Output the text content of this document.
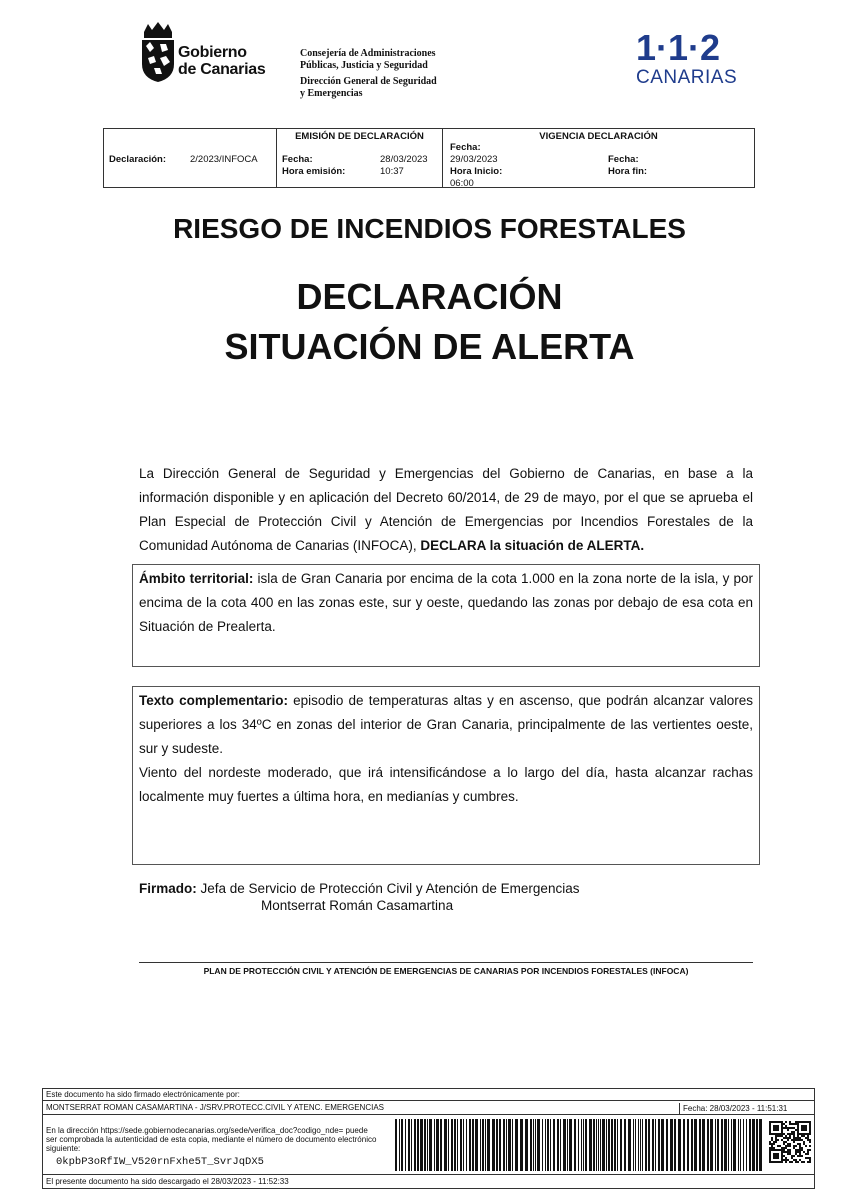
Gobierno
de Canarias
Consejería de Administraciones
Públicas, Justicia y Seguridad
Dirección General de Seguridad
y Emergencias
1·1·2
CANARIAS
Declaración:	2/2023/INFOCA
EMISIÓN DE DECLARACIÓN
Fecha:	28/03/2023
Hora emisión:	10:37
VIGENCIA DECLARACIÓN
Fecha:
29/03/2023
Hora Inicio:
06:00
Fecha:
Hora fin:
RIESGO DE INCENDIOS FORESTALES
DECLARACIÓN
SITUACIÓN DE ALERTA
La Dirección General de Seguridad y Emergencias del Gobierno de Canarias, en base a la información disponible y en aplicación del Decreto 60/2014, de 29 de mayo, por el que se aprueba el Plan Especial de Protección Civil y Atención de Emergencias por Incendios Forestales de la Comunidad Autónoma de Canarias (INFOCA), DECLARA la situación de ALERTA.
Ámbito territorial: isla de Gran Canaria por encima de la cota 1.000 en la zona norte de la isla, y por encima de la cota 400 en las zonas este, sur y oeste, quedando las zonas por debajo de esa cota en Situación de Prealerta.
Texto complementario: episodio de temperaturas altas y en ascenso, que podrán alcanzar valores superiores a los 34ºC en zonas del interior de Gran Canaria, principalmente de las vertientes oeste, sur y sudeste.
Viento del nordeste moderado, que irá intensificándose a lo largo del día, hasta alcanzar rachas localmente muy fuertes a última hora, en medianías y cumbres.
Firmado: Jefa de Servicio de Protección Civil y Atención de Emergencias
Montserrat Román Casamartina
PLAN DE PROTECCIÓN CIVIL Y ATENCIÓN DE EMERGENCIAS DE CANARIAS POR INCENDIOS FORESTALES (INFOCA)
Este documento ha sido firmado electrónicamente por:
MONTSERRAT ROMAN CASAMARTINA - J/SRV.PROTECC.CIVIL Y ATENC. EMERGENCIAS	Fecha: 28/03/2023 - 11:51:31
En la dirección https://sede.gobiernodecanarias.org/sede/verifica_doc?codigo_nde= puede ser comprobada la autenticidad de esta copia, mediante el número de documento electrónico siguiente:
0kpbP3oRfIW_V520rnFxhe5T_SvrJqDX5
El presente documento ha sido descargado el 28/03/2023 - 11:52:33
